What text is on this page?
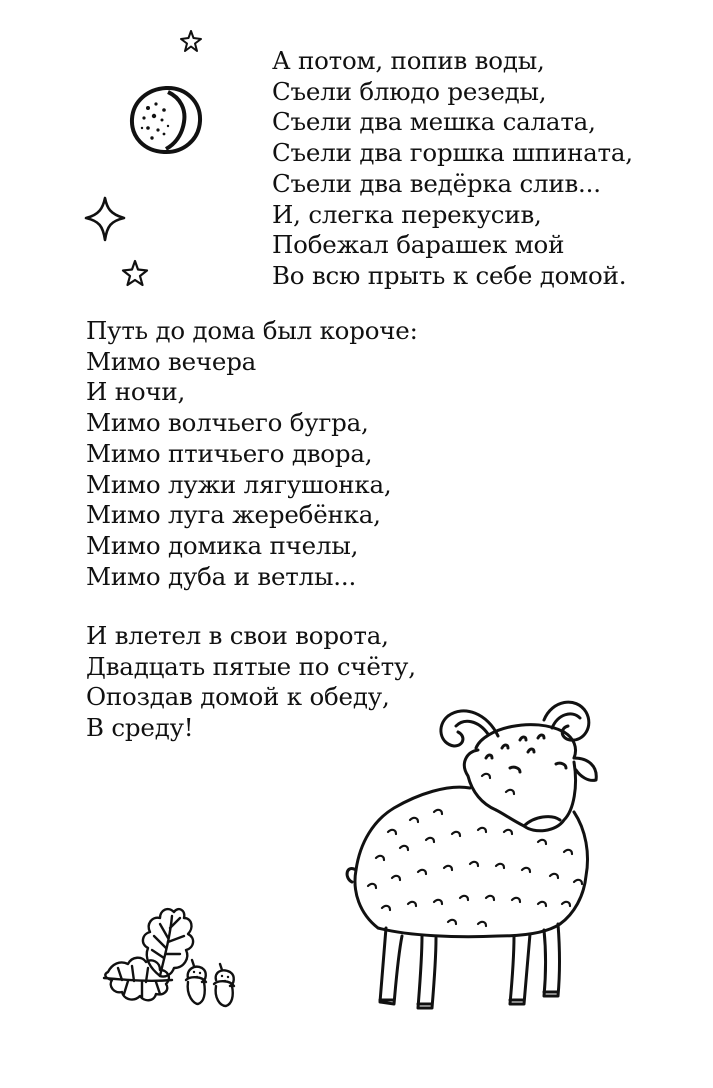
А потом, попив воды,
Съели блюдо резеды,
Съели два мешка салата,
Съели два горшка шпината,
Съели два ведёрка слив...
И, слегка перекусив,
Побежал барашек мой
Во всю прыть к себе домой.
Путь до дома был короче:
Мимо вечера
И ночи,
Мимо волчьего бугра,
Мимо птичьего двора,
Мимо лужи лягушонка,
Мимо луга жеребёнка,
Мимо домика пчелы,
Мимо дуба и ветлы...
И влетел в свои ворота,
Двадцать пятые по счёту,
Опоздав домой к обеду,
В среду!
